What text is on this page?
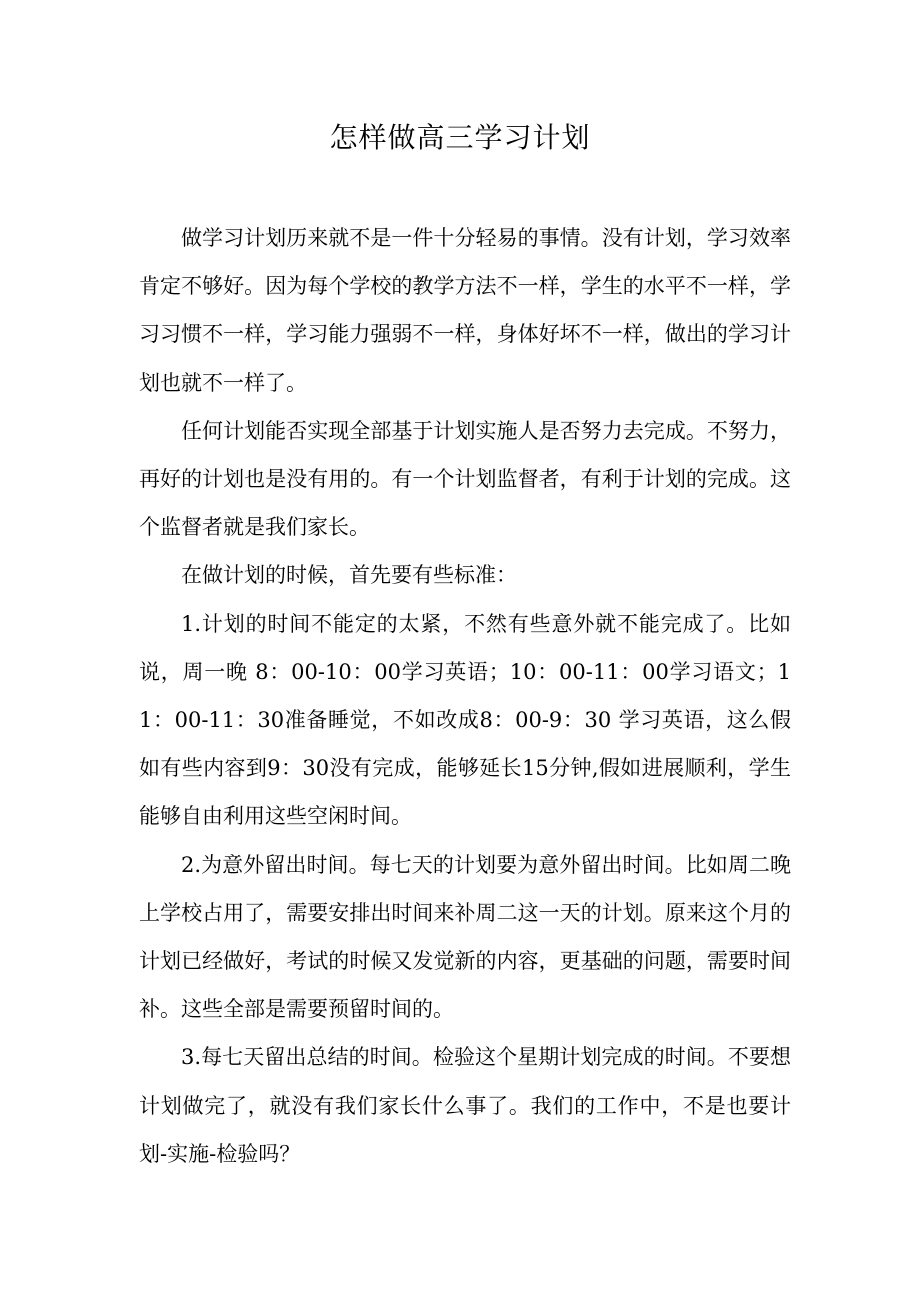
怎样做高三学习计划

做学习计划历来就不是一件十分轻易的事情。没有计划，学习效率肯定不够好。因为每个学校的教学方法不一样，学生的水平不一样，学习习惯不一样，学习能力强弱不一样，身体好坏不一样，做出的学习计划也就不一样了。

任何计划能否实现全部基于计划实施人是否努力去完成。不努力，再好的计划也是没有用的。有一个计划监督者，有利于计划的完成。这个监督者就是我们家长。

在做计划的时候，首先要有些标准：

1.计划的时间不能定的太紧，不然有些意外就不能完成了。比如说，周一晚 8：00-10：00学习英语；10：00-11：00学习语文；11：00-11：30准备睡觉，不如改成8：00-9：30 学习英语，这么假如有些内容到9：30没有完成，能够延长15分钟,假如进展顺利，学生能够自由利用这些空闲时间。

2.为意外留出时间。每七天的计划要为意外留出时间。比如周二晚上学校占用了，需要安排出时间来补周二这一天的计划。原来这个月的计划已经做好，考试的时候又发觉新的内容，更基础的问题，需要时间补。这些全部是需要预留时间的。

3.每七天留出总结的时间。检验这个星期计划完成的时间。不要想计划做完了，就没有我们家长什么事了。我们的工作中，不是也要计划-实施-检验吗？
